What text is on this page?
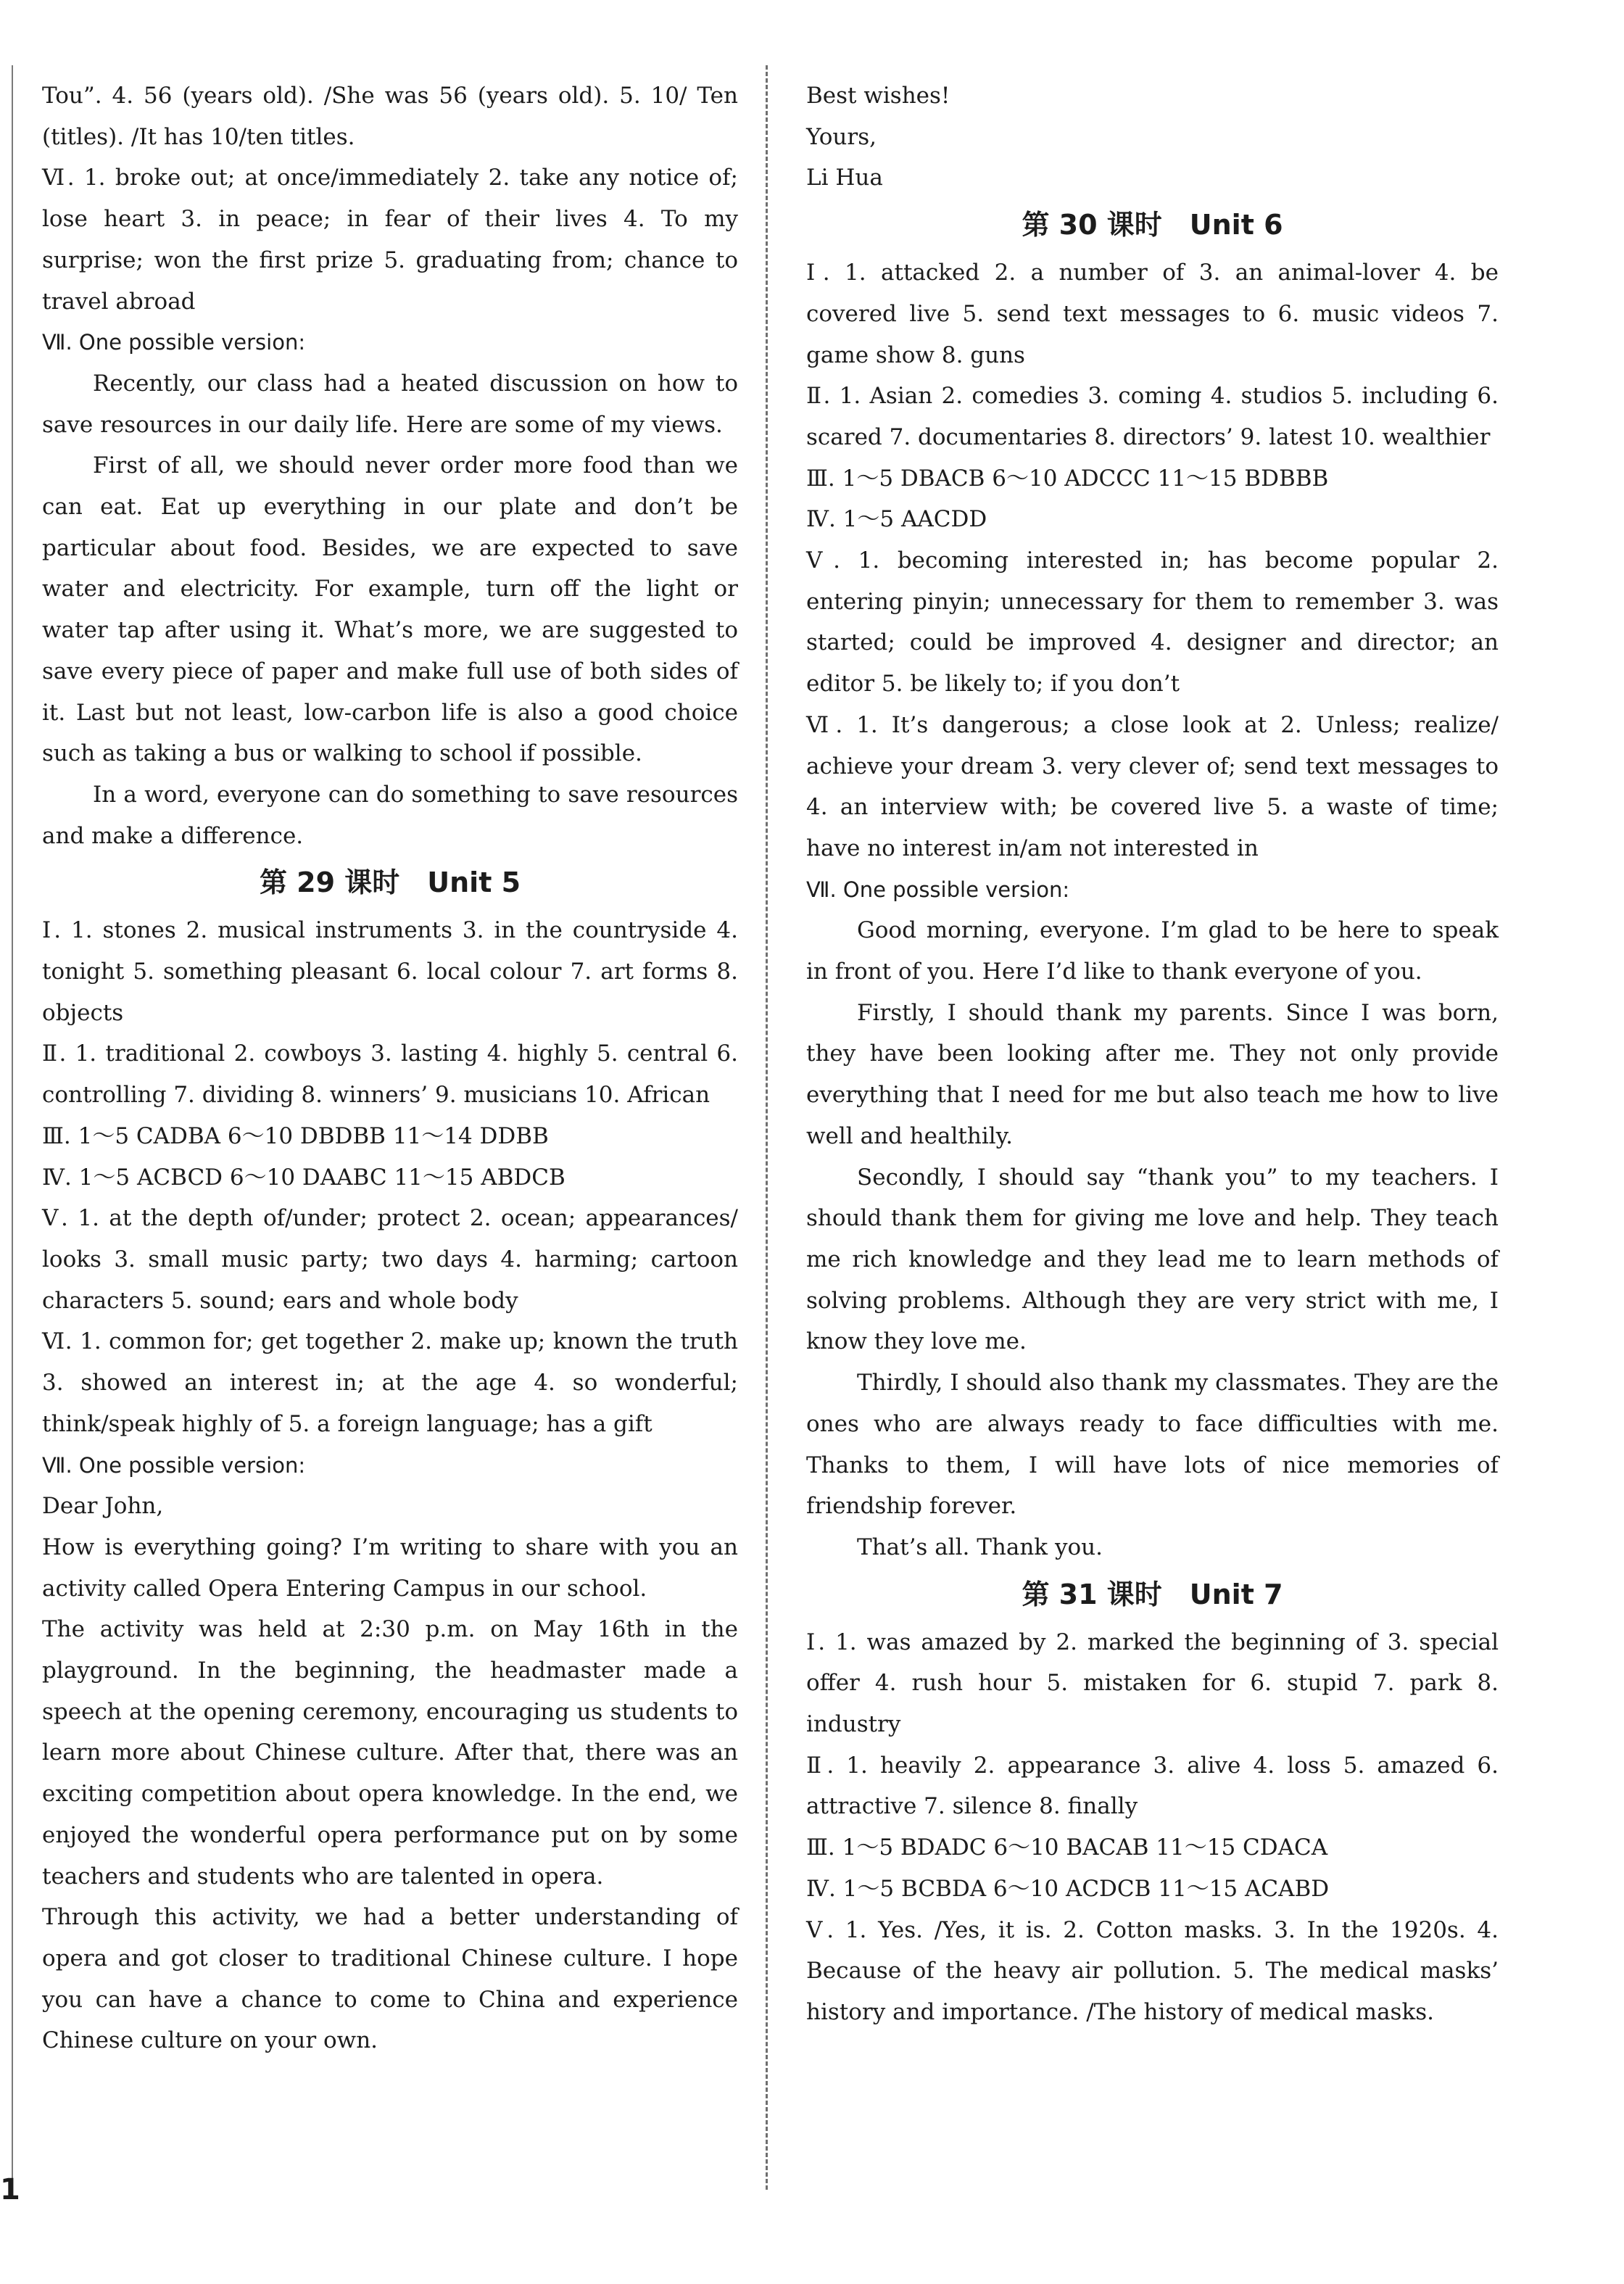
Tou”. 4. 56 (years old). /She was 56 (years old). 5. 10/ Ten (titles). /It has 10/ten titles.

Ⅵ. 1. broke out; at once/immediately 2. take any notice of; lose heart 3. in peace; in fear of their lives 4. To my surprise; won the first prize 5. graduating from; chance to travel abroad

Ⅶ. One possible version:

Recently, our class had a heated discussion on how to save resources in our daily life. Here are some of my views.

First of all, we should never order more food than we can eat. Eat up everything in our plate and don’t be particular about food. Besides, we are expected to save water and electricity. For example, turn off the light or water tap after using it. What’s more, we are suggested to save every piece of paper and make full use of both sides of it. Last but not least, low-carbon life is also a good choice such as taking a bus or walking to school if possible.

In a word, everyone can do something to save resources and make a difference.

第 29 课时　Unit 5

Ⅰ. 1. stones 2. musical instruments 3. in the countryside 4. tonight 5. something pleasant 6. local colour 7. art forms 8. objects

Ⅱ. 1. traditional 2. cowboys 3. lasting 4. highly 5. central 6. controlling 7. dividing 8. winners’ 9. musicians 10. African

Ⅲ. 1～5 CADBA 6～10 DBDBB 11～14 DDBB

Ⅳ. 1～5 ACBCD 6～10 DAABC 11～15 ABDCB

Ⅴ. 1. at the depth of/under; protect 2. ocean; appearances/ looks 3. small music party; two days 4. harming; cartoon characters 5. sound; ears and whole body

Ⅵ. 1. common for; get together 2. make up; known the truth 3. showed an interest in; at the age 4. so wonderful; think/speak highly of 5. a foreign language; has a gift

Ⅶ. One possible version:

Dear John,

How is everything going? I’m writing to share with you an activity called Opera Entering Campus in our school.

The activity was held at 2:30 p.m. on May 16th in the playground. In the beginning, the headmaster made a speech at the opening ceremony, encouraging us students to learn more about Chinese culture. After that, there was an exciting competition about opera knowledge. In the end, we enjoyed the wonderful opera performance put on by some teachers and students who are talented in opera.

Through this activity, we had a better understanding of opera and got closer to traditional Chinese culture. I hope you can have a chance to come to China and experience Chinese culture on your own.

Best wishes!

Yours,

Li Hua

第 30 课时　Unit 6

Ⅰ. 1. attacked 2. a number of 3. an animal-lover 4. be covered live 5. send text messages to 6. music videos 7. game show 8. guns

Ⅱ. 1. Asian 2. comedies 3. coming 4. studios 5. including 6. scared 7. documentaries 8. directors’ 9. latest 10. wealthier

Ⅲ. 1～5 DBACB 6～10 ADCCC 11～15 BDBBB

Ⅳ. 1～5 AACDD

Ⅴ. 1. becoming interested in; has become popular 2. entering pinyin; unnecessary for them to remember 3. was started; could be improved 4. designer and director; an editor 5. be likely to; if you don’t

Ⅵ. 1. It’s dangerous; a close look at 2. Unless; realize/ achieve your dream 3. very clever of; send text messages to 4. an interview with; be covered live 5. a waste of time; have no interest in/am not interested in

Ⅶ. One possible version:

Good morning, everyone. I’m glad to be here to speak in front of you. Here I’d like to thank everyone of you.

Firstly, I should thank my parents. Since I was born, they have been looking after me. They not only provide everything that I need for me but also teach me how to live well and healthily.

Secondly, I should say “thank you” to my teachers. I should thank them for giving me love and help. They teach me rich knowledge and they lead me to learn methods of solving problems. Although they are very strict with me, I know they love me.

Thirdly, I should also thank my classmates. They are the ones who are always ready to face difficulties with me. Thanks to them, I will have lots of nice memories of friendship forever.

That’s all. Thank you.

第 31 课时　Unit 7

Ⅰ. 1. was amazed by 2. marked the beginning of 3. special offer 4. rush hour 5. mistaken for 6. stupid 7. park 8. industry

Ⅱ. 1. heavily 2. appearance 3. alive 4. loss 5. amazed 6. attractive 7. silence 8. finally

Ⅲ. 1～5 BDADC 6～10 BACAB 11～15 CDACA

Ⅳ. 1～5 BCBDA 6～10 ACDCB 11～15 ACABD

Ⅴ. 1. Yes. /Yes, it is. 2. Cotton masks. 3. In the 1920s. 4. Because of the heavy air pollution. 5. The medical masks’ history and importance. /The history of medical masks.

1
